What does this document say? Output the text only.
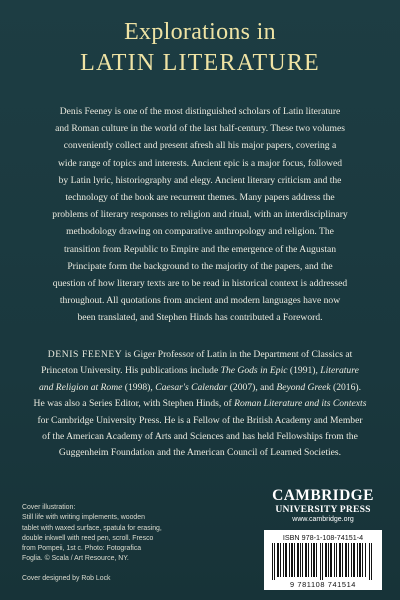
Explorations in
LATIN LITERATURE
Denis Feeney is one of the most distinguished scholars of Latin literature
and Roman culture in the world of the last half-century. These two volumes
conveniently collect and present afresh all his major papers, covering a
wide range of topics and interests. Ancient epic is a major focus, followed
by Latin lyric, historiography and elegy. Ancient literary criticism and the
technology of the book are recurrent themes. Many papers address the
problems of literary responses to religion and ritual, with an interdisciplinary
methodology drawing on comparative anthropology and religion. The
transition from Republic to Empire and the emergence of the Augustan
Principate form the background to the majority of the papers, and the
question of how literary texts are to be read in historical context is addressed
throughout. All quotations from ancient and modern languages have now
been translated, and Stephen Hinds has contributed a Foreword.
DENIS FEENEY is Giger Professor of Latin in the Department of Classics at Princeton University. His publications include The Gods in Epic (1991), Literature and Religion at Rome (1998), Caesar's Calendar (2007), and Beyond Greek (2016). He was also a Series Editor, with Stephen Hinds, of Roman Literature and its Contexts for Cambridge University Press. He is a Fellow of the British Academy and Member of the American Academy of Arts and Sciences and has held Fellowships from the Guggenheim Foundation and the American Council of Learned Societies.
Cover illustration:
Still life with writing implements, wooden
tablet with waxed surface, spatula for erasing,
double inkwell with reed pen, scroll. Fresco
from Pompeii, 1st c. Photo: Fotografica
Foglia. © Scala / Art Resource, NY.
Cover designed by Rob Lock
CAMBRIDGE
UNIVERSITY PRESS
www.cambridge.org
ISBN 978-1-108-74151-4
9 781108 741514
